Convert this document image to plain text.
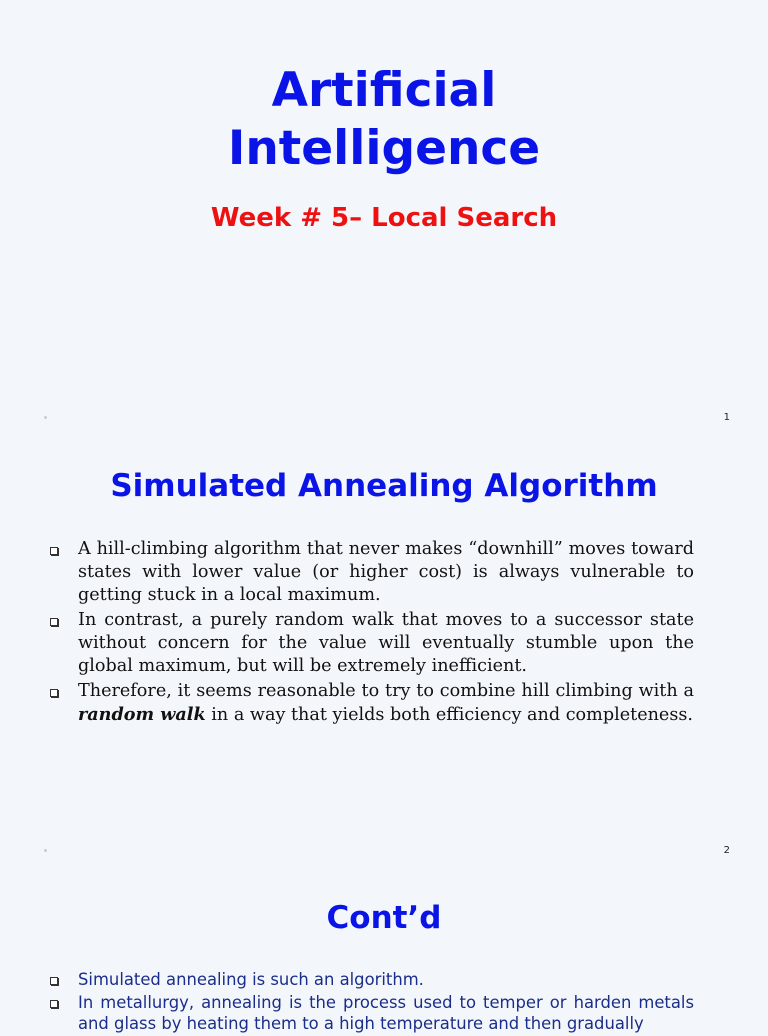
Artificial
Intelligence
Week # 5– Local Search
1
Simulated Annealing Algorithm
A hill-climbing algorithm that never makes “downhill” moves toward states with lower value (or higher cost) is always vulnerable to getting stuck in a local maximum.
In contrast, a purely random walk that moves to a successor state without concern for the value will eventually stumble upon the global maximum, but will be extremely inefficient.
Therefore, it seems reasonable to try to combine hill climbing with a random walk in a way that yields both efficiency and completeness.
2
Cont’d
Simulated annealing is such an algorithm.
In metallurgy, annealing is the process used to temper or harden metals and glass by heating them to a high temperature and then gradually
